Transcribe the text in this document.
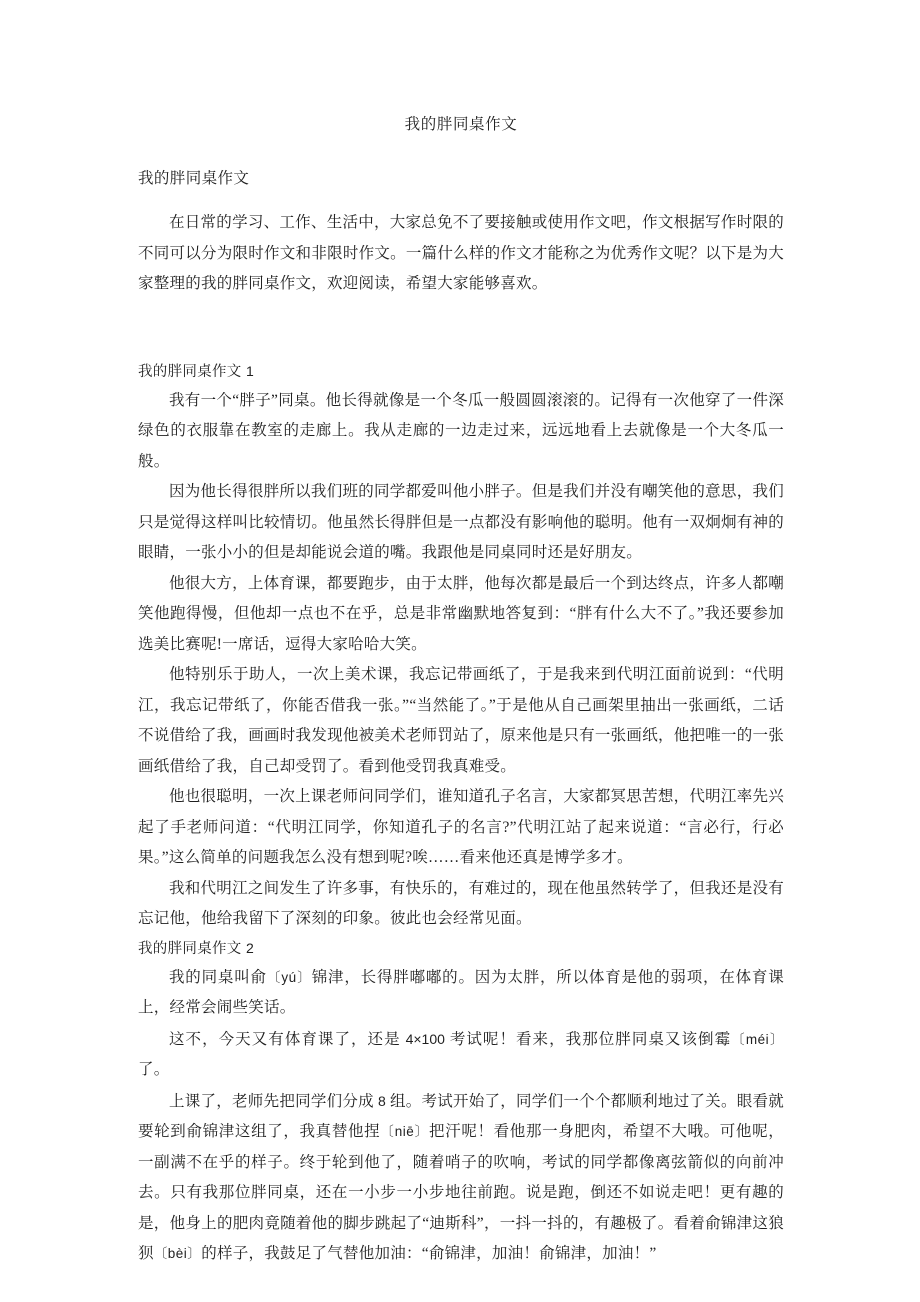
我的胖同桌作文
我的胖同桌作文
在日常的学习、工作、生活中，大家总免不了要接触或使用作文吧，作文根据写作时限的不同可以分为限时作文和非限时作文。一篇什么样的作文才能称之为优秀作文呢？以下是为大家整理的我的胖同桌作文，欢迎阅读，希望大家能够喜欢。
我的胖同桌作文 1
我有一个“胖子”同桌。他长得就像是一个冬瓜一般圆圆滚滚的。记得有一次他穿了一件深绿色的衣服靠在教室的走廊上。我从走廊的一边走过来，远远地看上去就像是一个大冬瓜一般。
因为他长得很胖所以我们班的同学都爱叫他小胖子。但是我们并没有嘲笑他的意思，我们只是觉得这样叫比较情切。他虽然长得胖但是一点都没有影响他的聪明。他有一双炯炯有神的眼睛，一张小小的但是却能说会道的嘴。我跟他是同桌同时还是好朋友。
他很大方，上体育课，都要跑步，由于太胖，他每次都是最后一个到达终点，许多人都嘲笑他跑得慢，但他却一点也不在乎，总是非常幽默地答复到：“胖有什么大不了。”我还要参加选美比赛呢!一席话，逗得大家哈哈大笑。
他特别乐于助人，一次上美术课，我忘记带画纸了，于是我来到代明江面前说到：“代明江，我忘记带纸了，你能否借我一张。”“当然能了。”于是他从自己画架里抽出一张画纸，二话不说借给了我，画画时我发现他被美术老师罚站了，原来他是只有一张画纸，他把唯一的一张画纸借给了我，自己却受罚了。看到他受罚我真难受。
他也很聪明，一次上课老师问同学们，谁知道孔子名言，大家都冥思苦想，代明江率先兴起了手老师问道：“代明江同学，你知道孔子的名言?”代明江站了起来说道：“言必行，行必果。”这么简单的问题我怎么没有想到呢?唉……看来他还真是博学多才。
我和代明江之间发生了许多事，有快乐的，有难过的，现在他虽然转学了，但我还是没有忘记他，他给我留下了深刻的印象。彼此也会经常见面。
我的胖同桌作文 2
我的同桌叫俞〔yú〕锦津，长得胖嘟嘟的。因为太胖，所以体育是他的弱项，在体育课上，经常会闹些笑话。
这不，今天又有体育课了，还是 4×100 考试呢！看来，我那位胖同桌又该倒霉〔méi〕了。
上课了，老师先把同学们分成 8 组。考试开始了，同学们一个个都顺利地过了关。眼看就要轮到俞锦津这组了，我真替他捏〔niē〕把汗呢！看他那一身肥肉，希望不大哦。可他呢，一副满不在乎的样子。终于轮到他了，随着哨子的吹响，考试的同学都像离弦箭似的向前冲去。只有我那位胖同桌，还在一小步一小步地往前跑。说是跑，倒还不如说走吧！更有趣的是，他身上的肥肉竟随着他的脚步跳起了“迪斯科”，一抖一抖的，有趣极了。看着俞锦津这狼狈〔bèi〕的样子，我鼓足了气替他加油：“俞锦津，加油！俞锦津，加油！”
